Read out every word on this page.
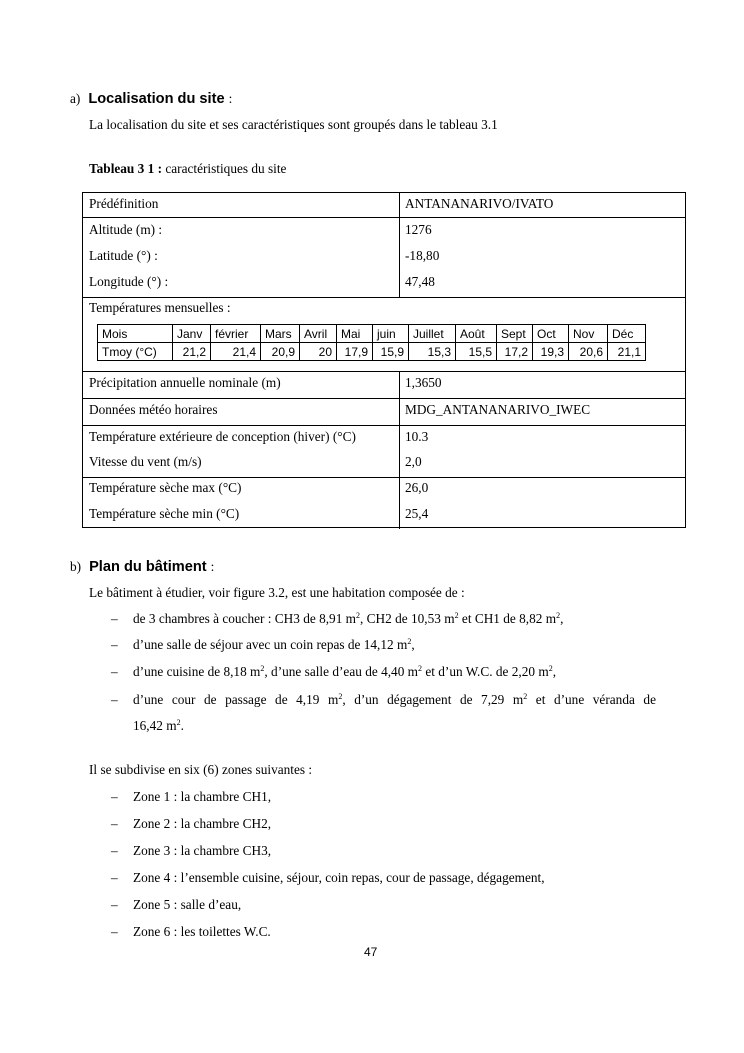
a) Localisation du site :
La localisation du site et ses caractéristiques sont groupés dans le tableau 3.1
Tableau 3 1 : caractéristiques du site
Prédéfinition	ANTANANARIVO/IVATO
Altitude (m) :	1276
Latitude (°) :	-18,80
Longitude (°) :	47,48
Températures mensuelles :
Précipitation annuelle nominale (m)	1,3650
Données météo horaires	MDG_ANTANANARIVO_IWEC
Température extérieure de conception (hiver) (°C)	10.3
Vitesse du vent (m/s)	2,0
Température sèche max (°C)	26,0
Température sèche min (°C)	25,4
Mois	Janv	février	Mars	Avril	Mai	juin	Juillet	Août	Sept	Oct	Nov	Déc
Tmoy (°C)	21,2	21,4	20,9	20	17,9	15,9	15,3	15,5	17,2	19,3	20,6	21,1
b) Plan du bâtiment :
Le bâtiment à étudier, voir figure 3.2, est une habitation composée de :
– de 3 chambres à coucher : CH3 de 8,91 $m^2$, CH2 de 10,53 $m^2$ et CH1 de 8,82 $m^2$,
– d’une salle de séjour avec un coin repas de 14,12 $m^2$,
– d’une cuisine de 8,18 $m^2$, d’une salle d’eau de 4,40 $m^2$ et d’un W.C. de 2,20 $m^2$,
– d’une cour de passage de 4,19 $m^2$, d’un dégagement de 7,29 $m^2$ et d’une véranda de
16,42 $m^2$.
Il se subdivise en six (6) zones suivantes :
– Zone 1 : la chambre CH1,
– Zone 2 : la chambre CH2,
– Zone 3 : la chambre CH3,
– Zone 4 : l’ensemble cuisine, séjour, coin repas, cour de passage, dégagement,
– Zone 5 : salle d’eau,
– Zone 6 : les toilettes W.C.
47
